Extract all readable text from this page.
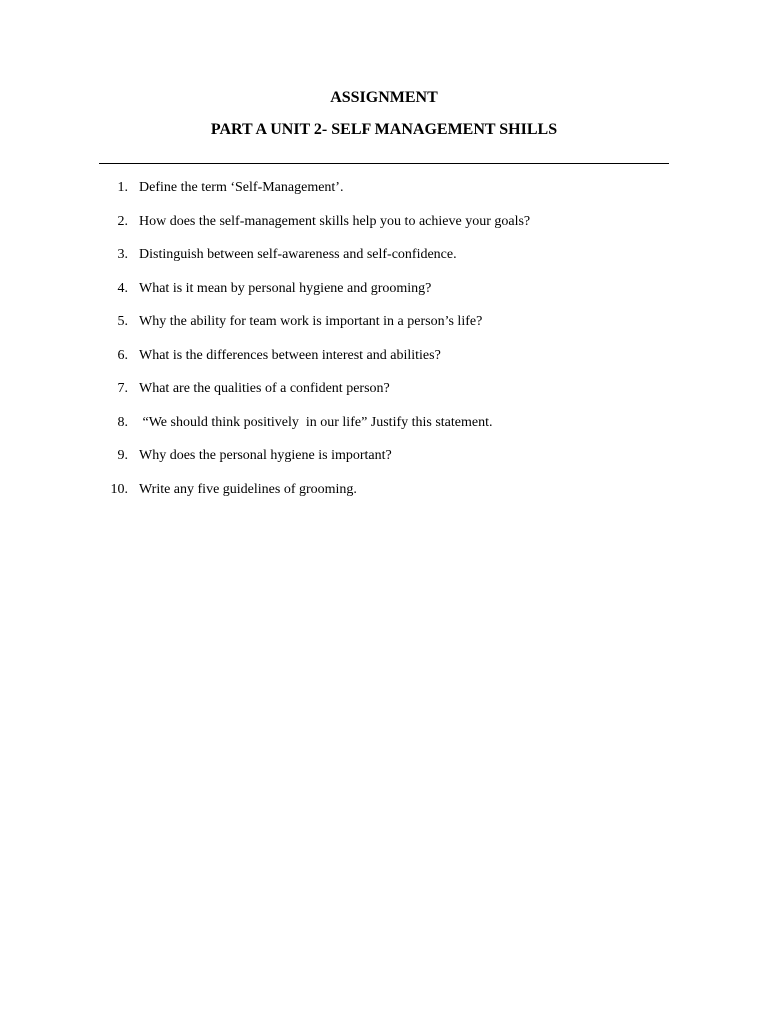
ASSIGNMENT
PART A UNIT 2- SELF MANAGEMENT SHILLS
1. Define the term ‘Self-Management’.
2. How does the self-management skills help you to achieve your goals?
3. Distinguish between self-awareness and self-confidence.
4. What is it mean by personal hygiene and grooming?
5. Why the ability for team work is important in a person’s life?
6. What is the differences between interest and abilities?
7. What are the qualities of a confident person?
8. “We should think positively  in our life” Justify this statement.
9. Why does the personal hygiene is important?
10. Write any five guidelines of grooming.
